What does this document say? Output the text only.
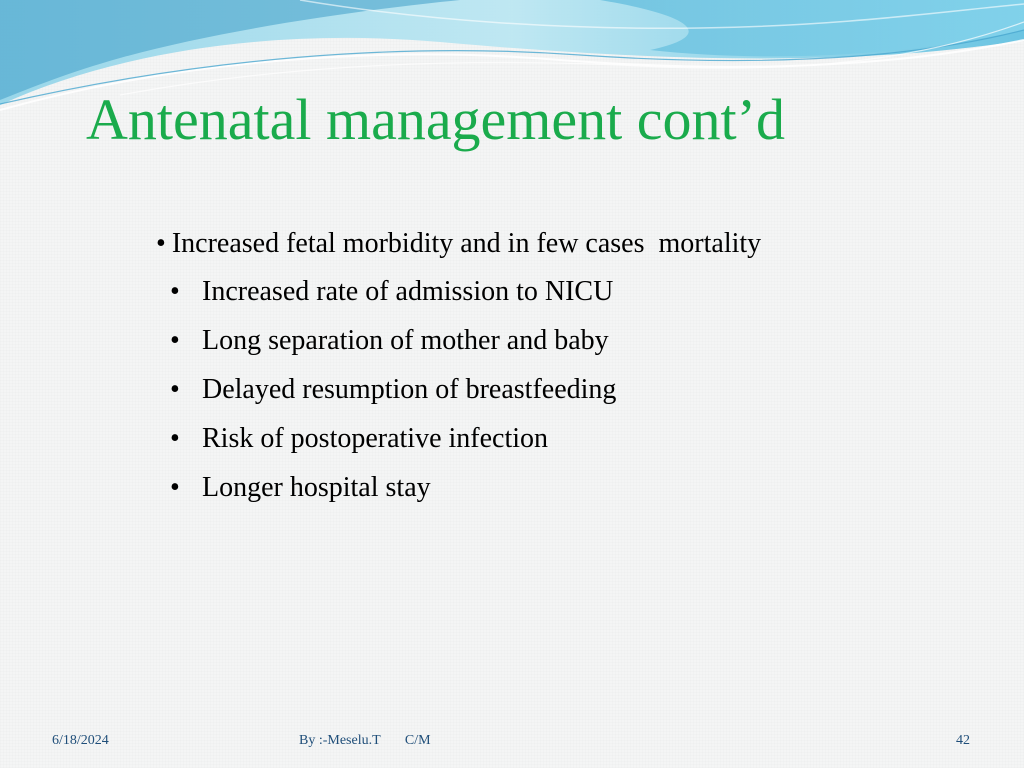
Antenatal management cont’d
• Increased fetal morbidity and in few cases  mortality
• Increased rate of admission to NICU
• Long separation of mother and baby
• Delayed resumption of breastfeeding
• Risk of postoperative infection
• Longer hospital stay
6/18/2024	By :-Meselu.T       C/M	42
